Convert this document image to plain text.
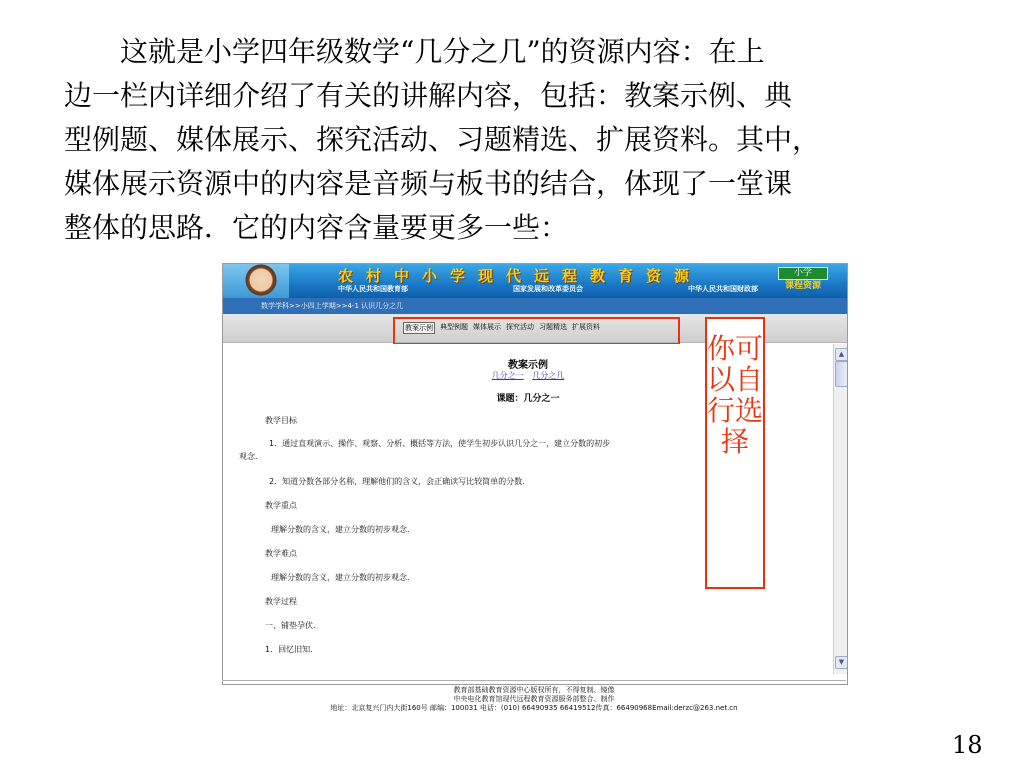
这就是小学四年级数学“几分之几”的资源内容：在上
边一栏内详细介绍了有关的讲解内容，包括：教案示例、典
型例题、媒体展示、探究活动、习题精选、扩展资料。其中，
媒体展示资源中的内容是音频与板书的结合，体现了一堂课
整体的思路．它的内容含量要更多一些：

农村中小学现代远程教育资源
中华人民共和国教育部	国家发展和改革委员会	中华人民共和国财政部
小学
课程资源
数学学科>>小四上学期>>4-1 认识几分之几
教案示例 典型例题 媒体展示 探究活动 习题精选 扩展资料
教案示例
几分之一 几分之几
课题：几分之一
教学目标
1．通过直观演示、操作、观察、分析、概括等方法，使学生初步认识几分之一，建立分数的初步
观念．
2．知道分数各部分名称，理解他们的含义，会正确读写比较简单的分数．
教学重点
理解分数的含义，建立分数的初步观念．
教学难点
理解分数的含义，建立分数的初步观念．
教学过程
一、铺垫孕伏．
1．回忆旧知．
▲
▼
教育部基础教育资源中心版权所有，不得复制、镜像
中央电化教育馆现代远程教育资源服务部整合、制作
地址：北京复兴门内大街160号 邮编：100031 电话：(010) 66490935 66419512传真：66490968Email:derzc@263.net.cn
你可以自行选择
18
